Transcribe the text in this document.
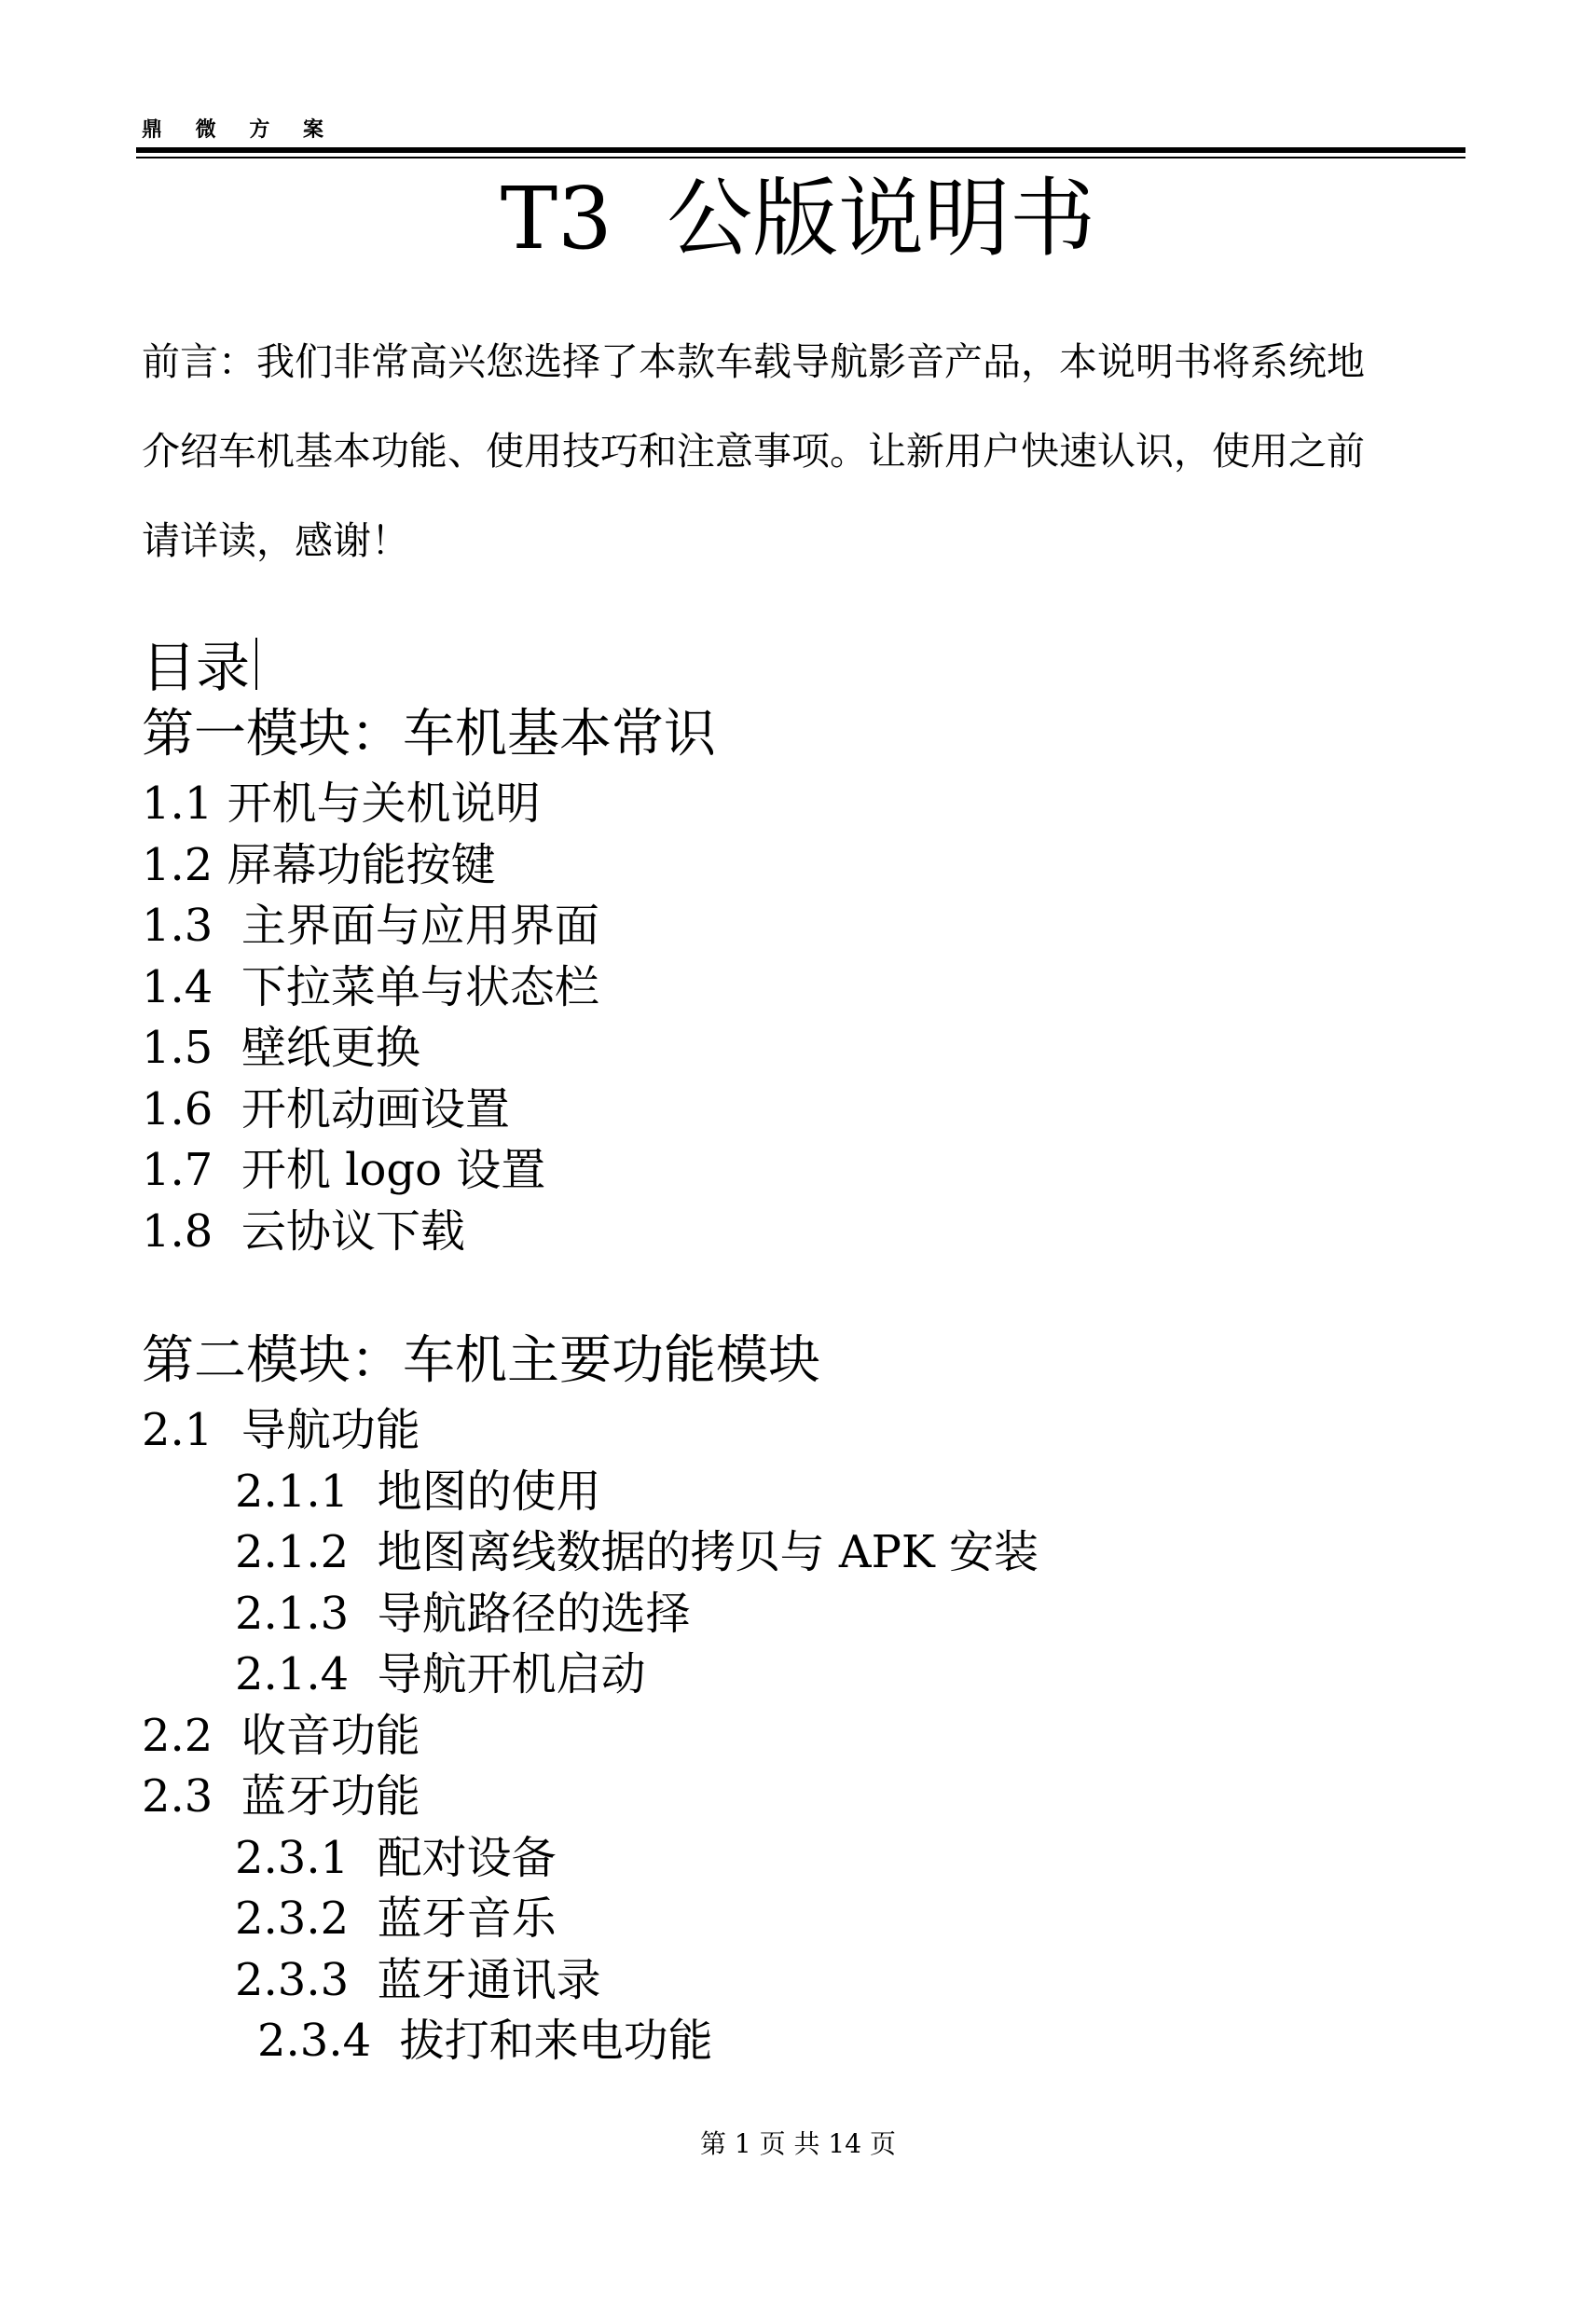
鼎 微 方 案
T3  公版说明书
前言：我们非常高兴您选择了本款车载导航影音产品，本说明书将系统地
介绍车机基本功能、使用技巧和注意事项。让新用户快速认识，使用之前
请详读，感谢！
目录
第一模块：车机基本常识
1.1 开机与关机说明
1.2 屏幕功能按键
1.3  主界面与应用界面
1.4  下拉菜单与状态栏
1.5  壁纸更换
1.6  开机动画设置
1.7  开机 logo 设置
1.8  云协议下载
第二模块：车机主要功能模块
2.1  导航功能
2.1.1  地图的使用
2.1.2  地图离线数据的拷贝与 APK 安装
2.1.3  导航路径的选择
2.1.4  导航开机启动
2.2  收音功能
2.3  蓝牙功能
2.3.1  配对设备
2.3.2  蓝牙音乐
2.3.3  蓝牙通讯录
2.3.4  拔打和来电功能
第 1 页 共 14 页
